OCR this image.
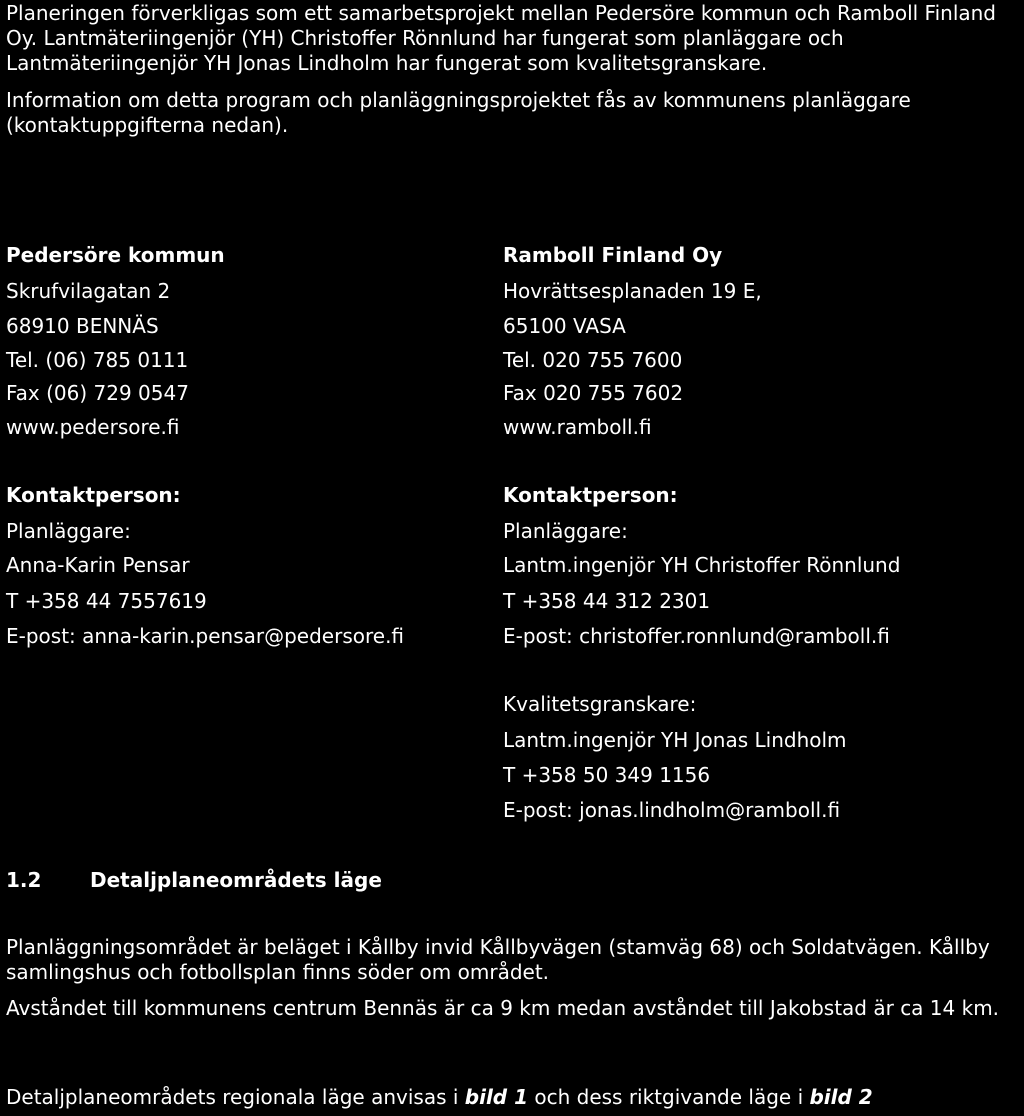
Planeringen förverkligas som ett samarbetsprojekt mellan Pedersöre kommun och Ramboll Finland Oy. Lantmäteriingenjör (YH) Christoffer Rönnlund har fungerat som planläggare och Lantmäteriingenjör YH Jonas Lindholm har fungerat som kvalitetsgranskare.

Information om detta program och planläggningsprojektet fås av kommunens planläggare (kontaktuppgifterna nedan).

Pedersöre kommun
Skrufvilagatan 2
68910 BENNÄS
Tel. (06) 785 0111
Fax (06) 729 0547
www.pedersore.fi
Kontaktperson:
Planläggare:
Anna-Karin Pensar
T +358 44 7557619
E-post: anna-karin.pensar@pedersore.fi
Ramboll Finland Oy
Hovrättsesplanaden 19 E,
65100 VASA
Tel. 020 755 7600
Fax 020 755 7602
www.ramboll.fi
Kontaktperson:
Planläggare:
Lantm.ingenjör YH Christoffer Rönnlund
T +358 44 312 2301
E-post: christoffer.ronnlund@ramboll.fi
Kvalitetsgranskare:
Lantm.ingenjör YH Jonas Lindholm
T +358 50 349 1156
E-post: jonas.lindholm@ramboll.fi
1.2 Detaljplaneområdets läge

Planläggningsområdet är beläget i Kållby invid Kållbyvägen (stamväg 68) och Soldatvägen. Kållby samlingshus och fotbollsplan finns söder om området.

Avståndet till kommunens centrum Bennäs är ca 9 km medan avståndet till Jakobstad är ca 14 km.

Detaljplaneområdets regionala läge anvisas i bild 1 och dess riktgivande läge i bild 2
